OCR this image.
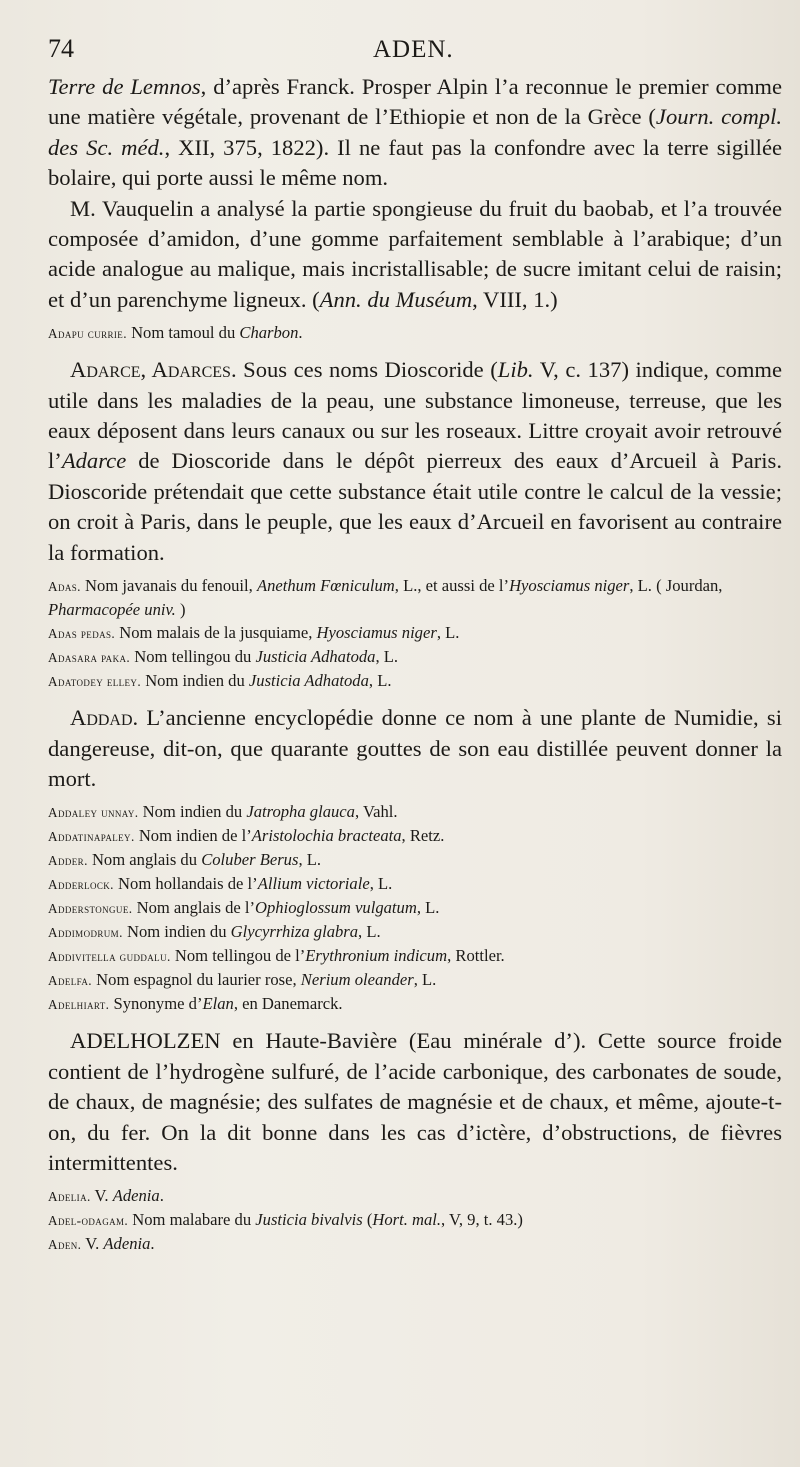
74	ADEN.

Terre de Lemnos, d’après Franck. Prosper Alpin l’a reconnue le premier comme une matière végétale, provenant de l’Ethiopie et non de la Grèce (Journ. compl. des Sc. méd., XII, 375, 1822). Il ne faut pas la confondre avec la terre sigillée bolaire, qui porte aussi le même nom.

M. Vauquelin a analysé la partie spongieuse du fruit du baobab, et l’a trouvée composée d’amidon, d’une gomme parfaitement semblable à l’arabique; d’un acide analogue au malique, mais incristallisable; de sucre imitant celui de raisin; et d’un parenchyme ligneux. (Ann. du Muséum, VIII, 1.)

Adapu currie. Nom tamoul du Charbon.

Adarce, Adarces. Sous ces noms Dioscoride (Lib. V, c. 137) indique, comme utile dans les maladies de la peau, une substance limoneuse, terreuse, que les eaux déposent dans leurs canaux ou sur les roseaux. Littre croyait avoir retrouvé l’Adarce de Dioscoride dans le dépôt pierreux des eaux d’Arcueil à Paris. Dioscoride prétendait que cette substance était utile contre le calcul de la vessie; on croit à Paris, dans le peuple, que les eaux d’Arcueil en favorisent au contraire la formation.

Adas. Nom javanais du fenouil, Anethum Fœniculum, L., et aussi de l’Hyosciamus niger, L. ( Jourdan, Pharmacopée univ. )

Adas pedas. Nom malais de la jusquiame, Hyosciamus niger, L.

Adasara paka. Nom tellingou du Justicia Adhatoda, L.

Adatodey elley. Nom indien du Justicia Adhatoda, L.

Addad. L’ancienne encyclopédie donne ce nom à une plante de Numidie, si dangereuse, dit-on, que quarante gouttes de son eau distillée peuvent donner la mort.

Addaley unnay. Nom indien du Jatropha glauca, Vahl.

Addatinapaley. Nom indien de l’Aristolochia bracteata, Retz.

Adder. Nom anglais du Coluber Berus, L.

Adderlock. Nom hollandais de l’Allium victoriale, L.

Adderstongue. Nom anglais de l’Ophioglossum vulgatum, L.

Addimodrum. Nom indien du Glycyrrhiza glabra, L.

Addivitella guddalu. Nom tellingou de l’Erythronium indicum, Rottler.

Adelfa. Nom espagnol du laurier rose, Nerium oleander, L.

Adelhiart. Synonyme d’Elan, en Danemarck.

ADELHOLZEN en Haute-Bavière (Eau minérale d’). Cette source froide contient de l’hydrogène sulfuré, de l’acide carbonique, des carbonates de soude, de chaux, de magnésie; des sulfates de magnésie et de chaux, et même, ajoute-t-on, du fer. On la dit bonne dans les cas d’ictère, d’obstructions, de fièvres intermittentes.

Adelia. V. Adenia.

Adel-odagam. Nom malabare du Justicia bivalvis (Hort. mal., V, 9, t. 43.)

Aden. V. Adenia.
